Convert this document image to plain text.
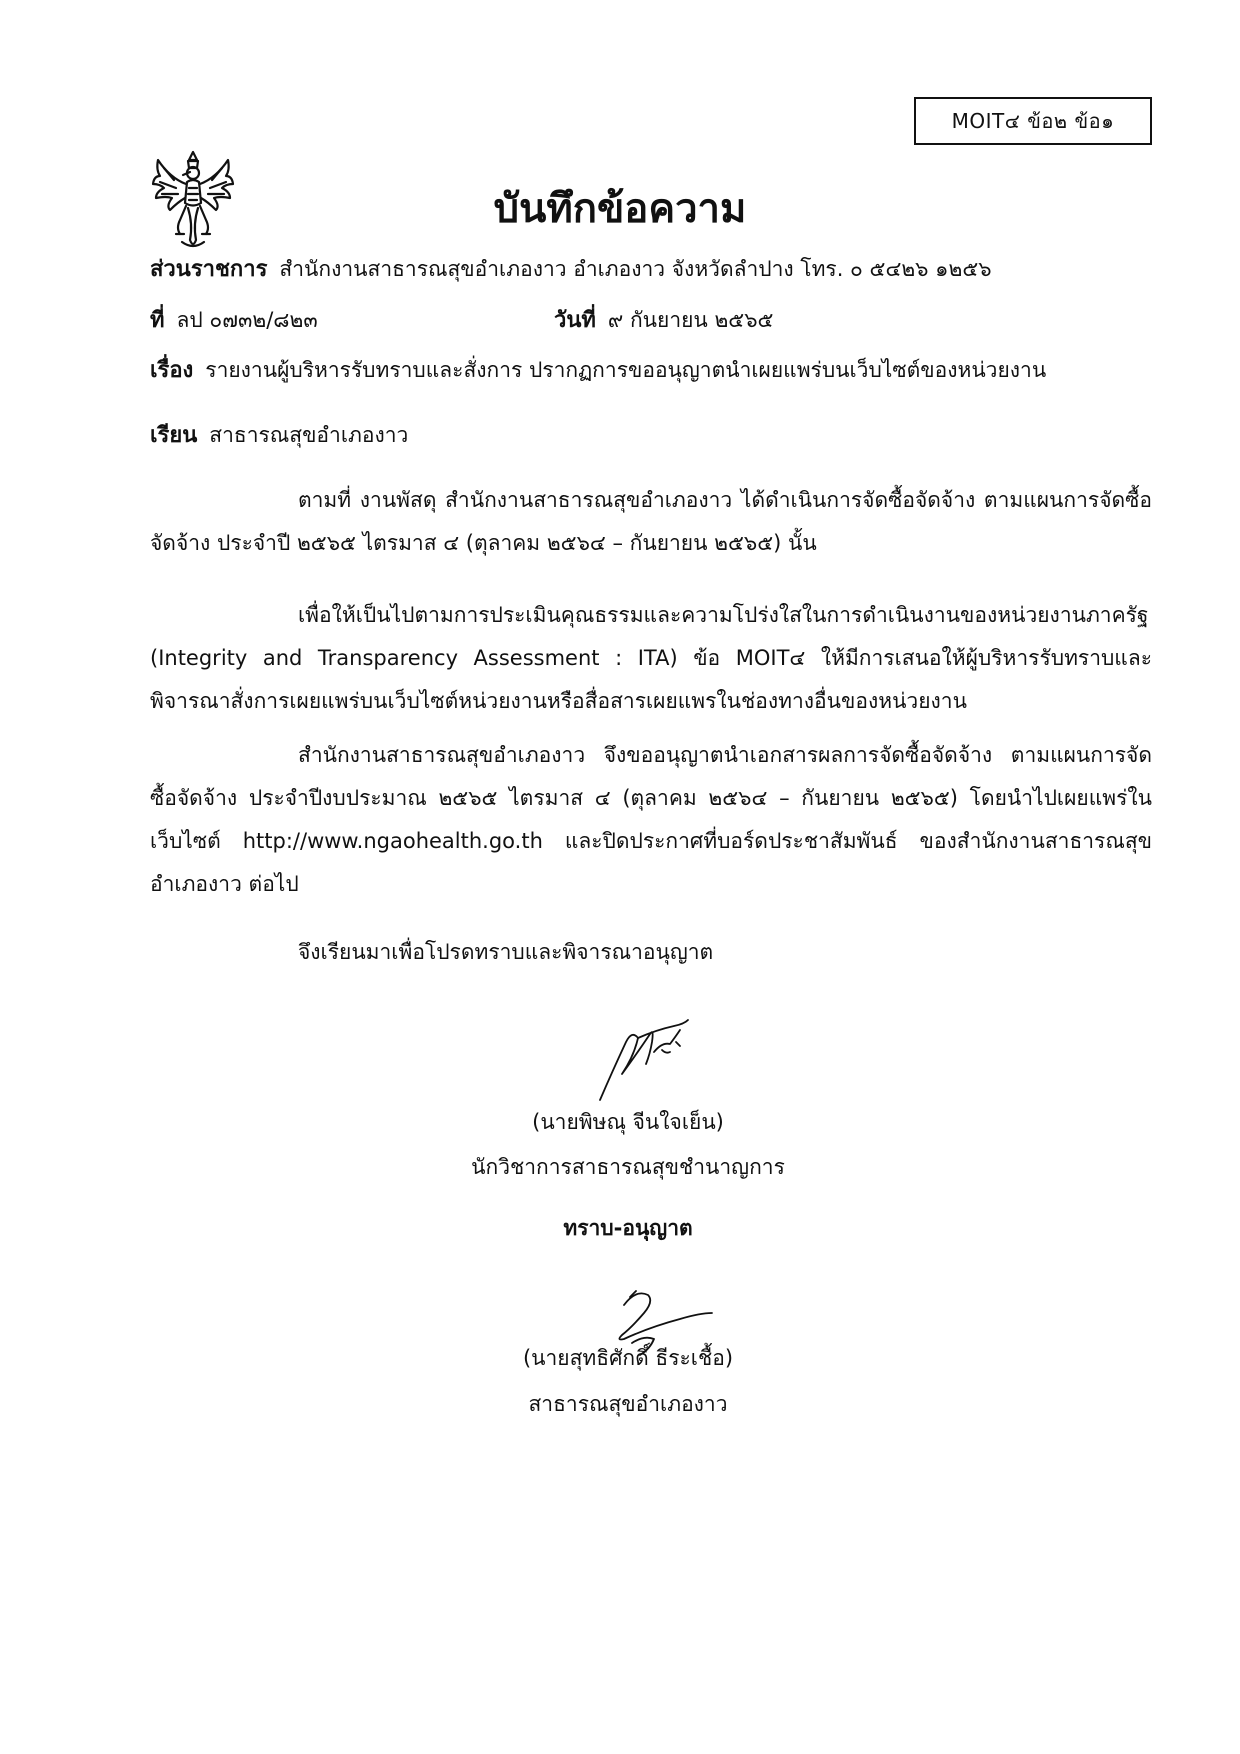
MOIT๔ ข้อ๒ ข้อ๑
บันทึกข้อความ
ส่วนราชการ สำนักงานสาธารณสุขอำเภองาว อำเภองาว จังหวัดลำปาง โทร. ๐ ๕๔๒๖ ๑๒๕๖
ที่ ลป ๐๗๓๒/๘๒๓	วันที่ ๙ กันยายน ๒๕๖๕
เรื่อง รายงานผู้บริหารรับทราบและสั่งการ ปรากฏการขออนุญาตนำเผยแพร่บนเว็บไซต์ของหน่วยงาน
เรียน สาธารณสุขอำเภองาว

ตามที่ งานพัสดุ สำนักงานสาธารณสุขอำเภองาว ได้ดำเนินการจัดซื้อจัดจ้าง ตามแผนการจัดซื้อจัดจ้าง ประจำปี ๒๕๖๕ ไตรมาส ๔ (ตุลาคม ๒๕๖๔ – กันยายน ๒๕๖๕) นั้น

เพื่อให้เป็นไปตามการประเมินคุณธรรมและความโปร่งใสในการดำเนินงานของหน่วยงานภาครัฐ (Integrity and Transparency Assessment : ITA) ข้อ MOIT๔ ให้มีการเสนอให้ผู้บริหารรับทราบและพิจารณาสั่งการเผยแพร่บนเว็บไซต์หน่วยงานหรือสื่อสารเผยแพรในช่องทางอื่นของหน่วยงาน

สำนักงานสาธารณสุขอำเภองาว จึงขออนุญาตนำเอกสารผลการจัดซื้อจัดจ้าง ตามแผนการจัดซื้อจัดจ้าง ประจำปีงบประมาณ ๒๕๖๕ ไตรมาส ๔ (ตุลาคม ๒๕๖๔ – กันยายน ๒๕๖๕) โดยนำไปเผยแพร่ในเว็บไซต์ http://www.ngaohealth.go.th และปิดประกาศที่บอร์ดประชาสัมพันธ์ ของสำนักงานสาธารณสุขอำเภองาว ต่อไป

จึงเรียนมาเพื่อโปรดทราบและพิจารณาอนุญาต
(นายพิษณุ จีนใจเย็น)
นักวิชาการสาธารณสุขชำนาญการ
ทราบ-อนุญาต
(นายสุทธิศักดิ์ ธีระเชื้อ)
สาธารณสุขอำเภองาว
